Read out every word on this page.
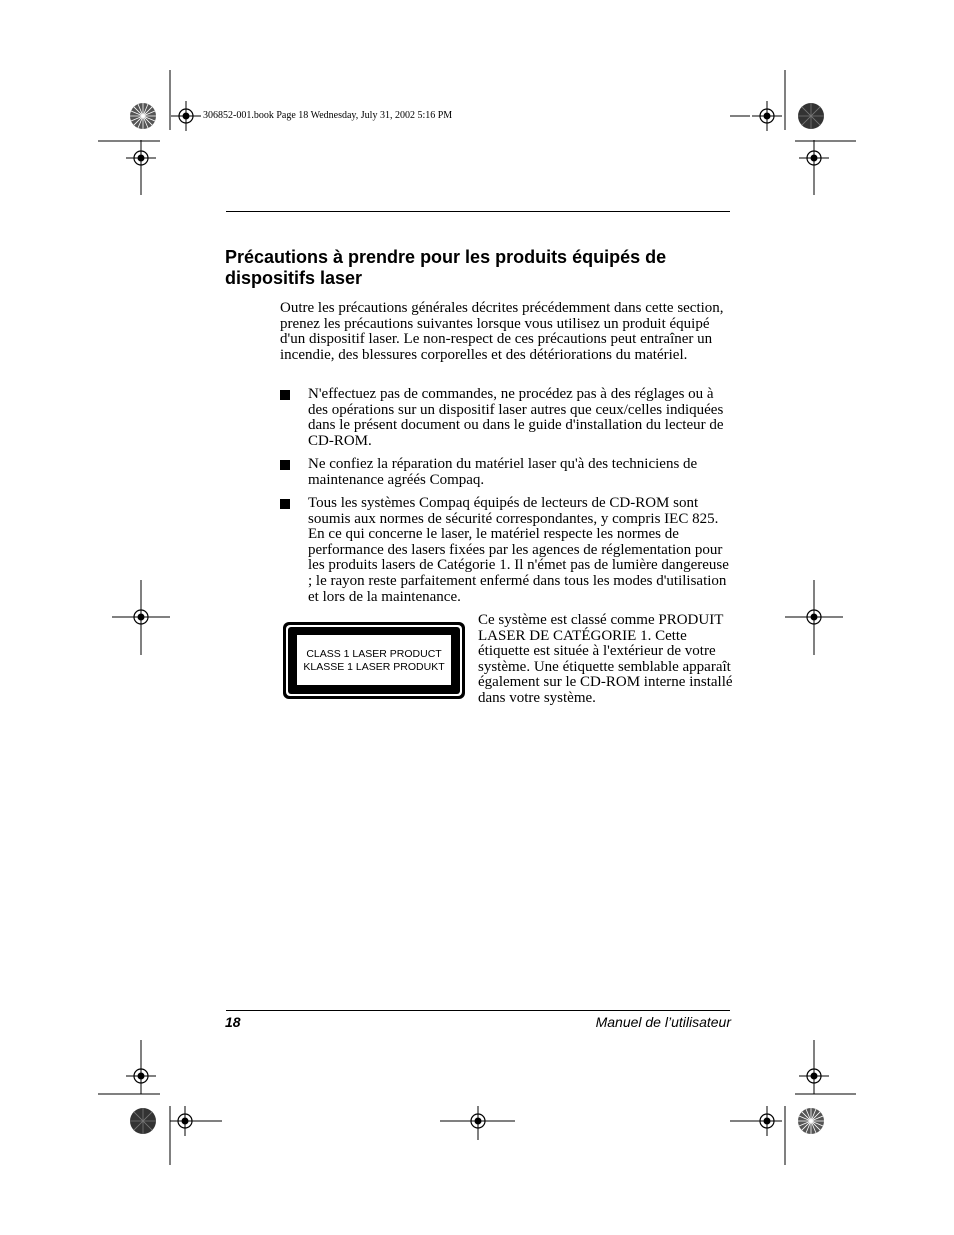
306852-001.book Page 18 Wednesday, July 31, 2002 5:16 PM
Précautions à prendre pour les produits équipés de dispositifs laser
Outre les précautions générales décrites précédemment dans cette section, prenez les précautions suivantes lorsque vous utilisez un produit équipé d'un dispositif laser. Le non-respect de ces précautions peut entraîner un incendie, des blessures corporelles et des détériorations du matériel.
N'effectuez pas de commandes, ne procédez pas à des réglages ou à des opérations sur un dispositif laser autres que ceux/celles indiquées dans le présent document ou dans le guide d'installation du lecteur de CD-ROM.
Ne confiez la réparation du matériel laser qu'à des techniciens de maintenance agréés Compaq.
Tous les systèmes Compaq équipés de lecteurs de CD-ROM sont soumis aux normes de sécurité correspondantes, y compris IEC 825. En ce qui concerne le laser, le matériel respecte les normes de performance des lasers fixées par les agences de réglementation pour les produits lasers de Catégorie 1. Il n'émet pas de lumière dangereuse ; le rayon reste parfaitement enfermé dans tous les modes d'utilisation et lors de la maintenance.
CLASS 1 LASER PRODUCT
KLASSE 1 LASER PRODUKT
Ce système est classé comme PRODUIT LASER DE CATÉGORIE 1. Cette étiquette est située à l'extérieur de votre système. Une étiquette semblable apparaît également sur le CD-ROM interne installé dans votre système.
18	Manuel de l’utilisateur
